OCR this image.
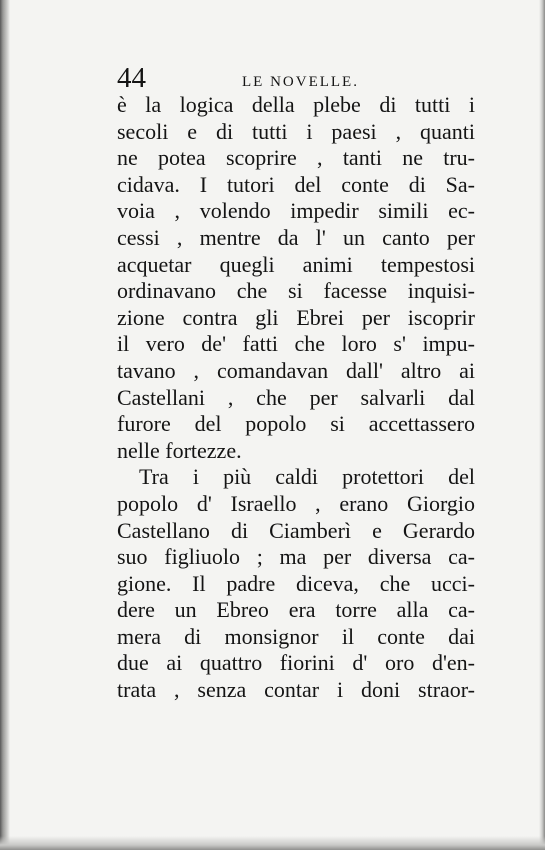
44	LE NOVELLE.
è la logica della plebe di tutti i
secoli e di tutti i paesi , quanti
ne potea scoprire , tanti ne tru-
cidava. I tutori del conte di Sa-
voia , volendo impedir simili ec-
cessi , mentre da l' un canto per
acquetar quegli animi tempestosi
ordinavano che si facesse inquisi-
zione contra gli Ebrei per iscoprir
il vero de' fatti che loro s' impu-
tavano , comandavan dall' altro ai
Castellani , che per salvarli dal
furore del popolo si accettassero
nelle fortezze.
Tra i più caldi protettori del
popolo d' Israello , erano Giorgio
Castellano di Ciamberì e Gerardo
suo figliuolo ; ma per diversa ca-
gione. Il padre diceva, che ucci-
dere un Ebreo era torre alla ca-
mera di monsignor il conte dai
due ai quattro fiorini d' oro d'en-
trata , senza contar i doni straor-
